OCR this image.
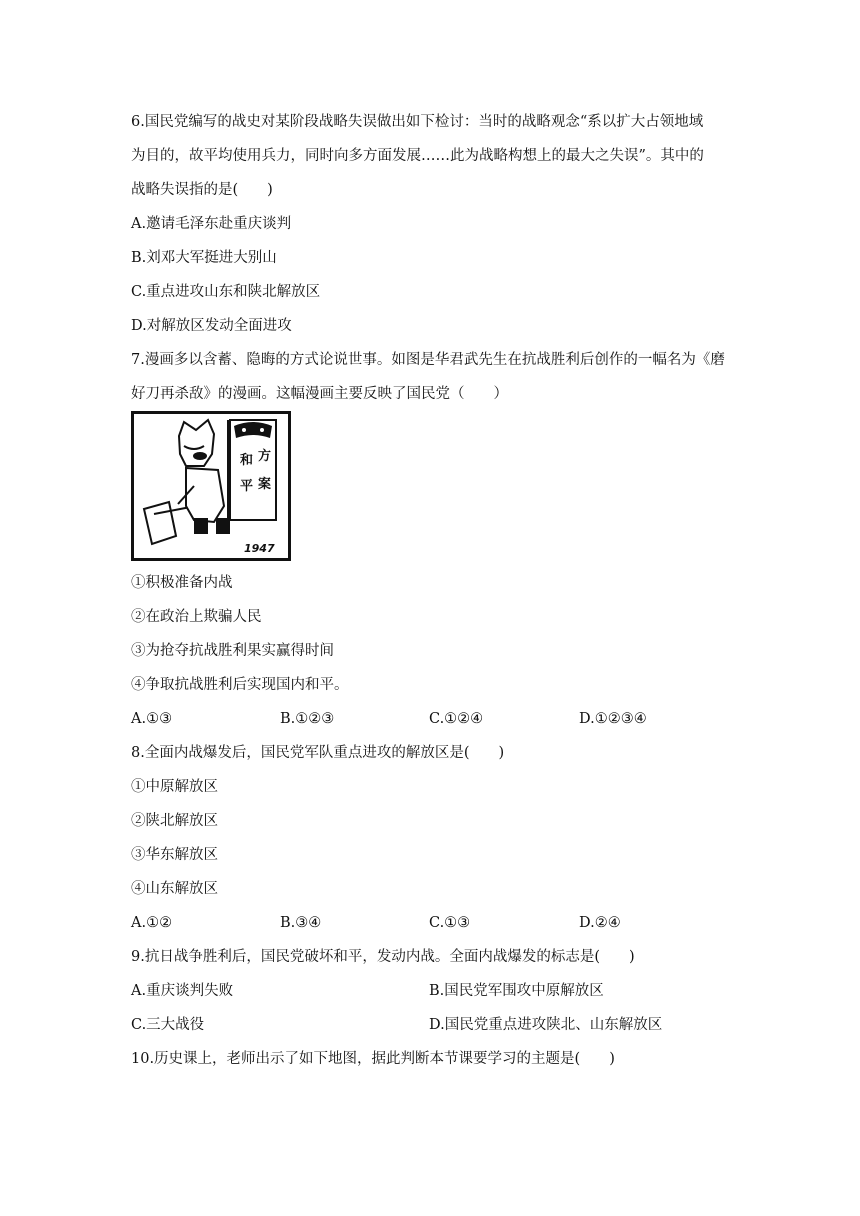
6.国民党编写的战史对某阶段战略失误做出如下检讨：当时的战略观念“系以扩大占领地域
为目的，故平均使用兵力，同时向多方面发展……此为战略构想上的最大之失误”。其中的
战略失误指的是(　　)
A.邀请毛泽东赴重庆谈判
B.刘邓大军挺进大别山
C.重点进攻山东和陕北解放区
D.对解放区发动全面进攻
7.漫画多以含蓄、隐晦的方式论说世事。如图是华君武先生在抗战胜利后创作的一幅名为《磨
好刀再杀敌》的漫画。这幅漫画主要反映了国民党（　　）
和 方
平 案
1947
①积极准备内战
②在政治上欺骗人民
③为抢夺抗战胜利果实赢得时间
④争取抗战胜利后实现国内和平。
A.①③	B.①②③	C.①②④	D.①②③④
8.全面内战爆发后，国民党军队重点进攻的解放区是(　　)
①中原解放区
②陕北解放区
③华东解放区
④山东解放区
A.①②	B.③④	C.①③	D.②④
9.抗日战争胜利后，国民党破坏和平，发动内战。全面内战爆发的标志是(　　)
A.重庆谈判失败	B.国民党军围攻中原解放区
C.三大战役	D.国民党重点进攻陕北、山东解放区
10.历史课上，老师出示了如下地图，据此判断本节课要学习的主题是(　　)
